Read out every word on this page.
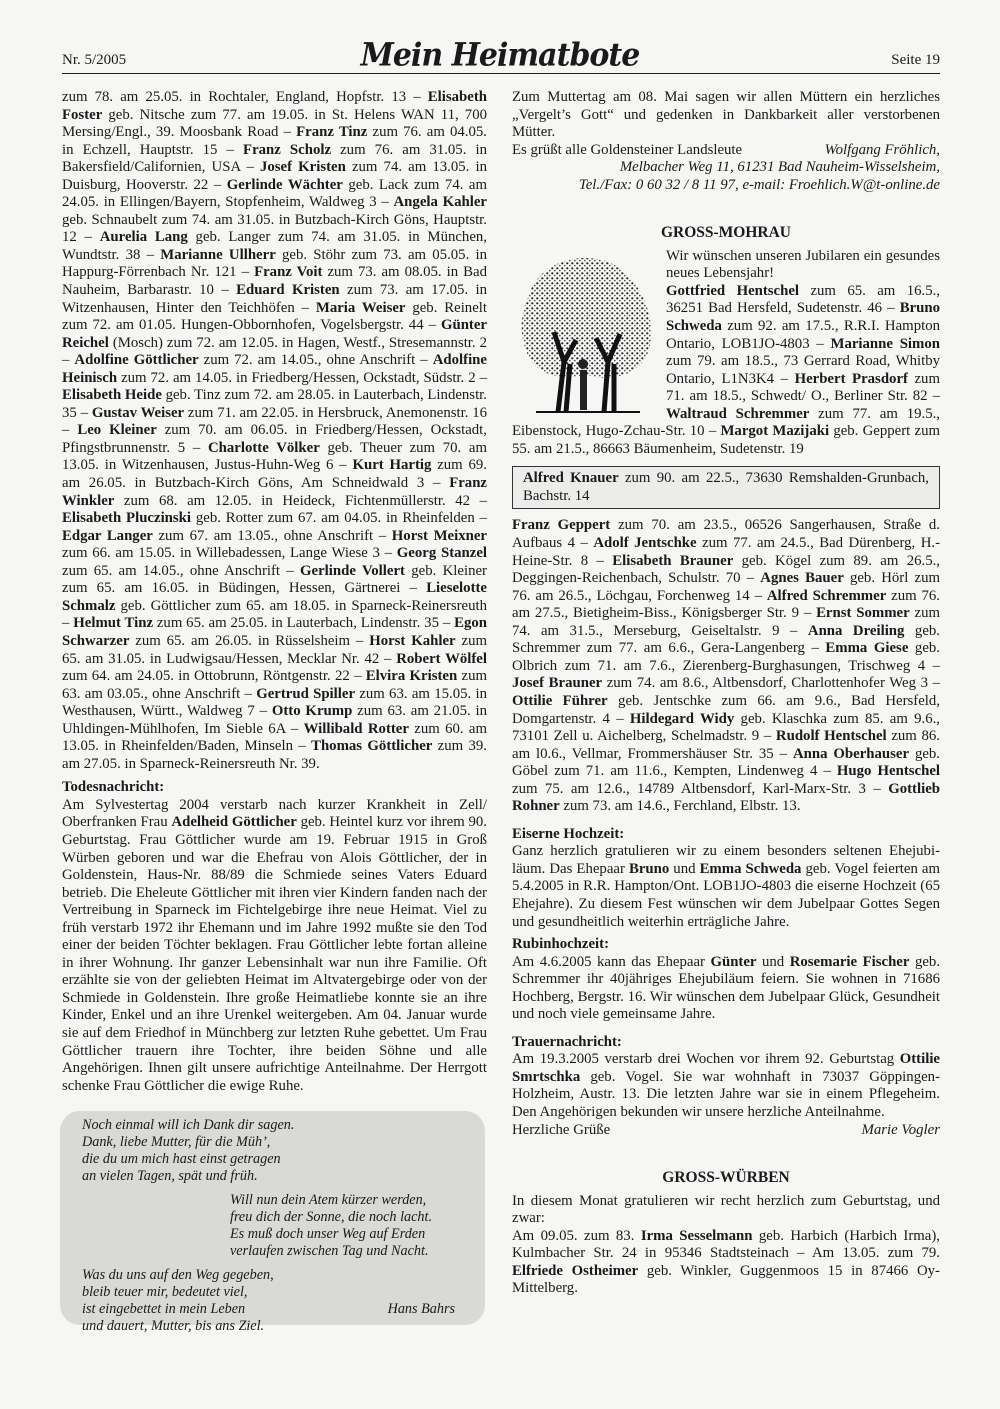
Nr. 5/2005	Mein Heimatbote	Seite 19

zum 78. am 25.05. in Rochtaler, England, Hopfstr. 13 – Elisabeth Foster geb. Nitsche zum 77. am 19.05. in St. Helens WAN 11, 700 Mersing/Engl., 39. Moosbank Road – Franz Tinz zum 76. am 04.05. in Echzell, Hauptstr. 15 – Franz Scholz zum 76. am 31.05. in Bakersfield/Californien, USA – Josef Kristen zum 74. am 13.05. in Duisburg, Hooverstr. 22 – Gerlinde Wächter geb. Lack zum 74. am 24.05. in Ellingen/Bayern, Stopfenheim, Waldweg 3 – Angela Kahler geb. Schnaubelt zum 74. am 31.05. in Butzbach-Kirch Göns, Hauptstr. 12 – Aurelia Lang geb. Langer zum 74. am 31.05. in München, Wundtstr. 38 – Marianne Ullherr geb. Stöhr zum 73. am 05.05. in Happurg-Förrenbach Nr. 121 – Franz Voit zum 73. am 08.05. in Bad Nauheim, Barbarastr. 10 – Eduard Kristen zum 73. am 17.05. in Witzenhausen, Hinter den Teichhöfen – Maria Weiser geb. Reinelt zum 72. am 01.05. Hungen-Obbornhofen, Vogelsbergstr. 44 – Günter Reichel (Mosch) zum 72. am 12.05. in Hagen, Westf., Stresemannstr. 2 – Adolfine Göttlicher zum 72. am 14.05., ohne Anschrift – Adolfine Heinisch zum 72. am 14.05. in Friedberg/Hessen, Ockstadt, Südstr. 2 – Elisabeth Heide geb. Tinz zum 72. am 28.05. in Lauterbach, Lindenstr. 35 – Gustav Weiser zum 71. am 22.05. in Hersbruck, Anemonenstr. 16 – Leo Kleiner zum 70. am 06.05. in Friedberg/Hessen, Ockstadt, Pfingstbrunnenstr. 5 – Charlotte Völker geb. Theuer zum 70. am 13.05. in Witzenhausen, Justus-Huhn-Weg 6 – Kurt Hartig zum 69. am 26.05. in Butzbach-Kirch Göns, Am Schneidwald 3 – Franz Winkler zum 68. am 12.05. in Heideck, Fichtenmüllerstr. 42 – Elisabeth Pluczinski geb. Rotter zum 67. am 04.05. in Rheinfelden – Edgar Langer zum 67. am 13.05., ohne Anschrift – Horst Meixner zum 66. am 15.05. in Willebadessen, Lange Wiese 3 – Georg Stanzel zum 65. am 14.05., ohne Anschrift – Gerlinde Vollert geb. Kleiner zum 65. am 16.05. in Büdingen, Hessen, Gärtnerei – Lieselotte Schmalz geb. Göttlicher zum 65. am 18.05. in Sparneck-Reinersreuth – Helmut Tinz zum 65. am 25.05. in Lauterbach, Lindenstr. 35 – Egon Schwarzer zum 65. am 26.05. in Rüsselsheim – Horst Kahler zum 65. am 31.05. in Ludwigsau/Hessen, Mecklar Nr. 42 – Robert Wölfel zum 64. am 24.05. in Ottobrunn, Röntgenstr. 22 – Elvira Kristen zum 63. am 03.05., ohne Anschrift – Gertrud Spiller zum 63. am 15.05. in Westhausen, Württ., Waldweg 7 – Otto Krump zum 63. am 21.05. in Uhldingen-Mühlhofen, Im Sieble 6A – Willibald Rotter zum 60. am 13.05. in Rheinfelden/Baden, Minseln – Thomas Göttlicher zum 39. am 27.05. in Sparneck-Reinersreuth Nr. 39.

Todesnachricht:

Am Sylvestertag 2004 verstarb nach kurzer Krankheit in Zell/ Oberfranken Frau Adelheid Göttlicher geb. Heintel kurz vor ihrem 90. Geburtstag. Frau Göttlicher wurde am 19. Februar 1915 in Groß Würben geboren und war die Ehefrau von Alois Göttlicher, der in Goldenstein, Haus-Nr. 88/89 die Schmiede seines Vaters Eduard betrieb. Die Eheleute Göttlicher mit ihren vier Kindern fanden nach der Vertreibung in Sparneck im Fichtelgebirge ihre neue Heimat. Viel zu früh verstarb 1972 ihr Ehemann und im Jahre 1992 mußte sie den Tod einer der beiden Töchter beklagen. Frau Göttlicher lebte fortan alleine in ihrer Wohnung. Ihr ganzer Lebensinhalt war nun ihre Familie. Oft erzählte sie von der geliebten Heimat im Altvatergebirge oder von der Schmiede in Goldenstein. Ihre große Heimatliebe konnte sie an ihre Kinder, Enkel und an ihre Urenkel weitergeben. Am 04. Januar wurde sie auf dem Friedhof in Münchberg zur letzten Ruhe gebettet. Um Frau Göttlicher trauern ihre Tochter, ihre beiden Söhne und alle Angehörigen. Ihnen gilt unsere aufrichtige Anteilnahme. Der Herrgott schenke Frau Göttlicher die ewige Ruhe.

Noch einmal will ich Dank dir sagen.
Dank, liebe Mutter, für die Müh’,
die du um mich hast einst getragen
an vielen Tagen, spät und früh.
Will nun dein Atem kürzer werden,
freu dich der Sonne, die noch lacht.
Es muß doch unser Weg auf Erden
verlaufen zwischen Tag und Nacht.
Was du uns auf den Weg gegeben,
bleib teuer mir, bedeutet viel,
ist eingebettet in mein Leben
und dauert, Mutter, bis ans Ziel.
Hans Bahrs

Zum Muttertag am 08. Mai sagen wir allen Müttern ein herzliches „Vergelt’s Gott“ und gedenken in Dankbarkeit aller verstorbenen Mütter.

Es grüßt alle Goldensteiner Landsleute	Wolfgang Fröhlich,
Melbacher Weg 11, 61231 Bad Nauheim-Wisselsheim,
Tel./Fax: 0 60 32 / 8 11 97, e-mail: Froehlich.W@t-online.de
GROSS-MOHRAU

Wir wünschen unseren Jubilaren ein gesundes neues Lebensjahr!

Gottfried Hentschel zum 65. am 16.5., 36251 Bad Hersfeld, Sudetenstr. 46 – Bruno Schweda zum 92. am 17.5., R.R.I. Hampton Ontario, LOB1JO-4803 – Marianne Simon zum 79. am 18.5., 73 Gerrard Road, Whitby Ontario, L1N3K4 – Herbert Prasdorf zum 71. am 18.5., Schwedt/ O., Berliner Str. 82 – Waltraud Schremmer zum 77. am 19.5., Eibenstock, Hugo-Zchau-Str. 10 – Margot Mazijaki geb. Geppert zum 55. am 21.5., 86663 Bäumenheim, Sudetenstr. 19

Alfred Knauer zum 90. am 22.5., 73630 Remshalden-Grunbach, Bachstr. 14

Franz Geppert zum 70. am 23.5., 06526 Sangerhausen, Straße d. Aufbaus 4 – Adolf Jentschke zum 77. am 24.5., Bad Dürenberg, H.-Heine-Str. 8 – Elisabeth Brauner geb. Kögel zum 89. am 26.5., Deggingen-Reichenbach, Schulstr. 70 – Agnes Bauer geb. Hörl zum 76. am 26.5., Löchgau, Forchenweg 14 – Alfred Schremmer zum 76. am 27.5., Bietigheim-Biss., Königsberger Str. 9 – Ernst Sommer zum 74. am 31.5., Merseburg, Geiseltalstr. 9 – Anna Dreiling geb. Schremmer zum 77. am 6.6., Gera-Langenberg – Emma Giese geb. Olbrich zum 71. am 7.6., Zierenberg-Burghasungen, Trischweg 4 – Josef Brauner zum 74. am 8.6., Altbensdorf, Charlottenhofer Weg 3 – Ottilie Führer geb. Jentschke zum 66. am 9.6., Bad Hersfeld, Domgartenstr. 4 – Hildegard Widy geb. Klaschka zum 85. am 9.6., 73101 Zell u. Aichelberg, Schelmadstr. 9 – Rudolf Hentschel zum 86. am l0.6., Vellmar, Frommershäuser Str. 35 – Anna Oberhauser geb. Göbel zum 71. am 11.6., Kempten, Lindenweg 4 – Hugo Hentschel zum 75. am 12.6., 14789 Altbensdorf, Karl-Marx-Str. 3 – Gottlieb Rohner zum 73. am 14.6., Ferchland, Elbstr. 13.

Eiserne Hochzeit:

Ganz herzlich gratulieren wir zu einem besonders seltenen Ehejubiläum. Das Ehepaar Bruno und Emma Schweda geb. Vogel feierten am 5.4.2005 in R.R. Hampton/Ont. LOB1JO-4803 die eiserne Hochzeit (65 Ehejahre). Zu diesem Fest wünschen wir dem Jubelpaar Gottes Segen und gesundheitlich weiterhin erträgliche Jahre.

Rubinhochzeit:

Am 4.6.2005 kann das Ehepaar Günter und Rosemarie Fischer geb. Schremmer ihr 40jähriges Ehejubiläum feiern. Sie wohnen in 71686 Hochberg, Bergstr. 16. Wir wünschen dem Jubelpaar Glück, Gesundheit und noch viele gemeinsame Jahre.

Trauernachricht:

Am 19.3.2005 verstarb drei Wochen vor ihrem 92. Geburtstag Ottilie Smrtschka geb. Vogel. Sie war wohnhaft in 73037 Göppingen-Holzheim, Austr. 13. Die letzten Jahre war sie in einem Pflegeheim. Den Angehörigen bekunden wir unsere herzliche Anteilnahme.

Herzliche Grüße	Marie Vogler
GROSS-WÜRBEN

In diesem Monat gratulieren wir recht herzlich zum Geburtstag, und zwar:
Am 09.05. zum 83. Irma Sesselmann geb. Harbich (Harbich Irma), Kulmbacher Str. 24 in 95346 Stadtsteinach – Am 13.05. zum 79. Elfriede Ostheimer geb. Winkler, Guggenmoos 15 in 87466 Oy-Mittelberg.
